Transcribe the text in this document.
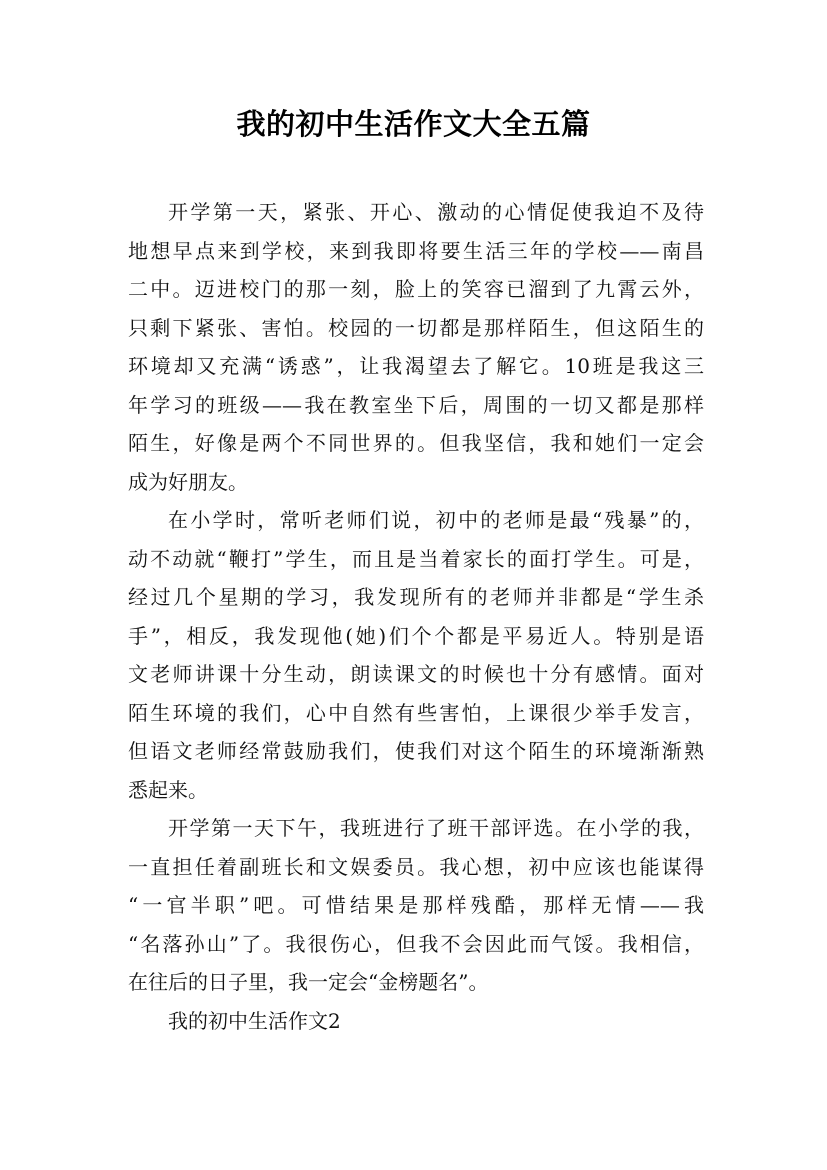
我的初中生活作文大全五篇
开学第一天，紧张、开心、激动的心情促使我迫不及待
地想早点来到学校，来到我即将要生活三年的学校——南昌
二中。迈进校门的那一刻，脸上的笑容已溜到了九霄云外，
只剩下紧张、害怕。校园的一切都是那样陌生，但这陌生的
环境却又充满“诱惑”，让我渴望去了解它。10班是我这三
年学习的班级——我在教室坐下后，周围的一切又都是那样
陌生，好像是两个不同世界的。但我坚信，我和她们一定会
成为好朋友。
在小学时，常听老师们说，初中的老师是最“残暴”的，
动不动就“鞭打”学生，而且是当着家长的面打学生。可是，
经过几个星期的学习，我发现所有的老师并非都是“学生杀
手”，相反，我发现他(她)们个个都是平易近人。特别是语
文老师讲课十分生动，朗读课文的时候也十分有感情。面对
陌生环境的我们，心中自然有些害怕，上课很少举手发言，
但语文老师经常鼓励我们，使我们对这个陌生的环境渐渐熟
悉起来。
开学第一天下午，我班进行了班干部评选。在小学的我，
一直担任着副班长和文娱委员。我心想，初中应该也能谋得
“一官半职”吧。可惜结果是那样残酷，那样无情——我
“名落孙山”了。我很伤心，但我不会因此而气馁。我相信，
在往后的日子里，我一定会“金榜题名”。
我的初中生活作文2
